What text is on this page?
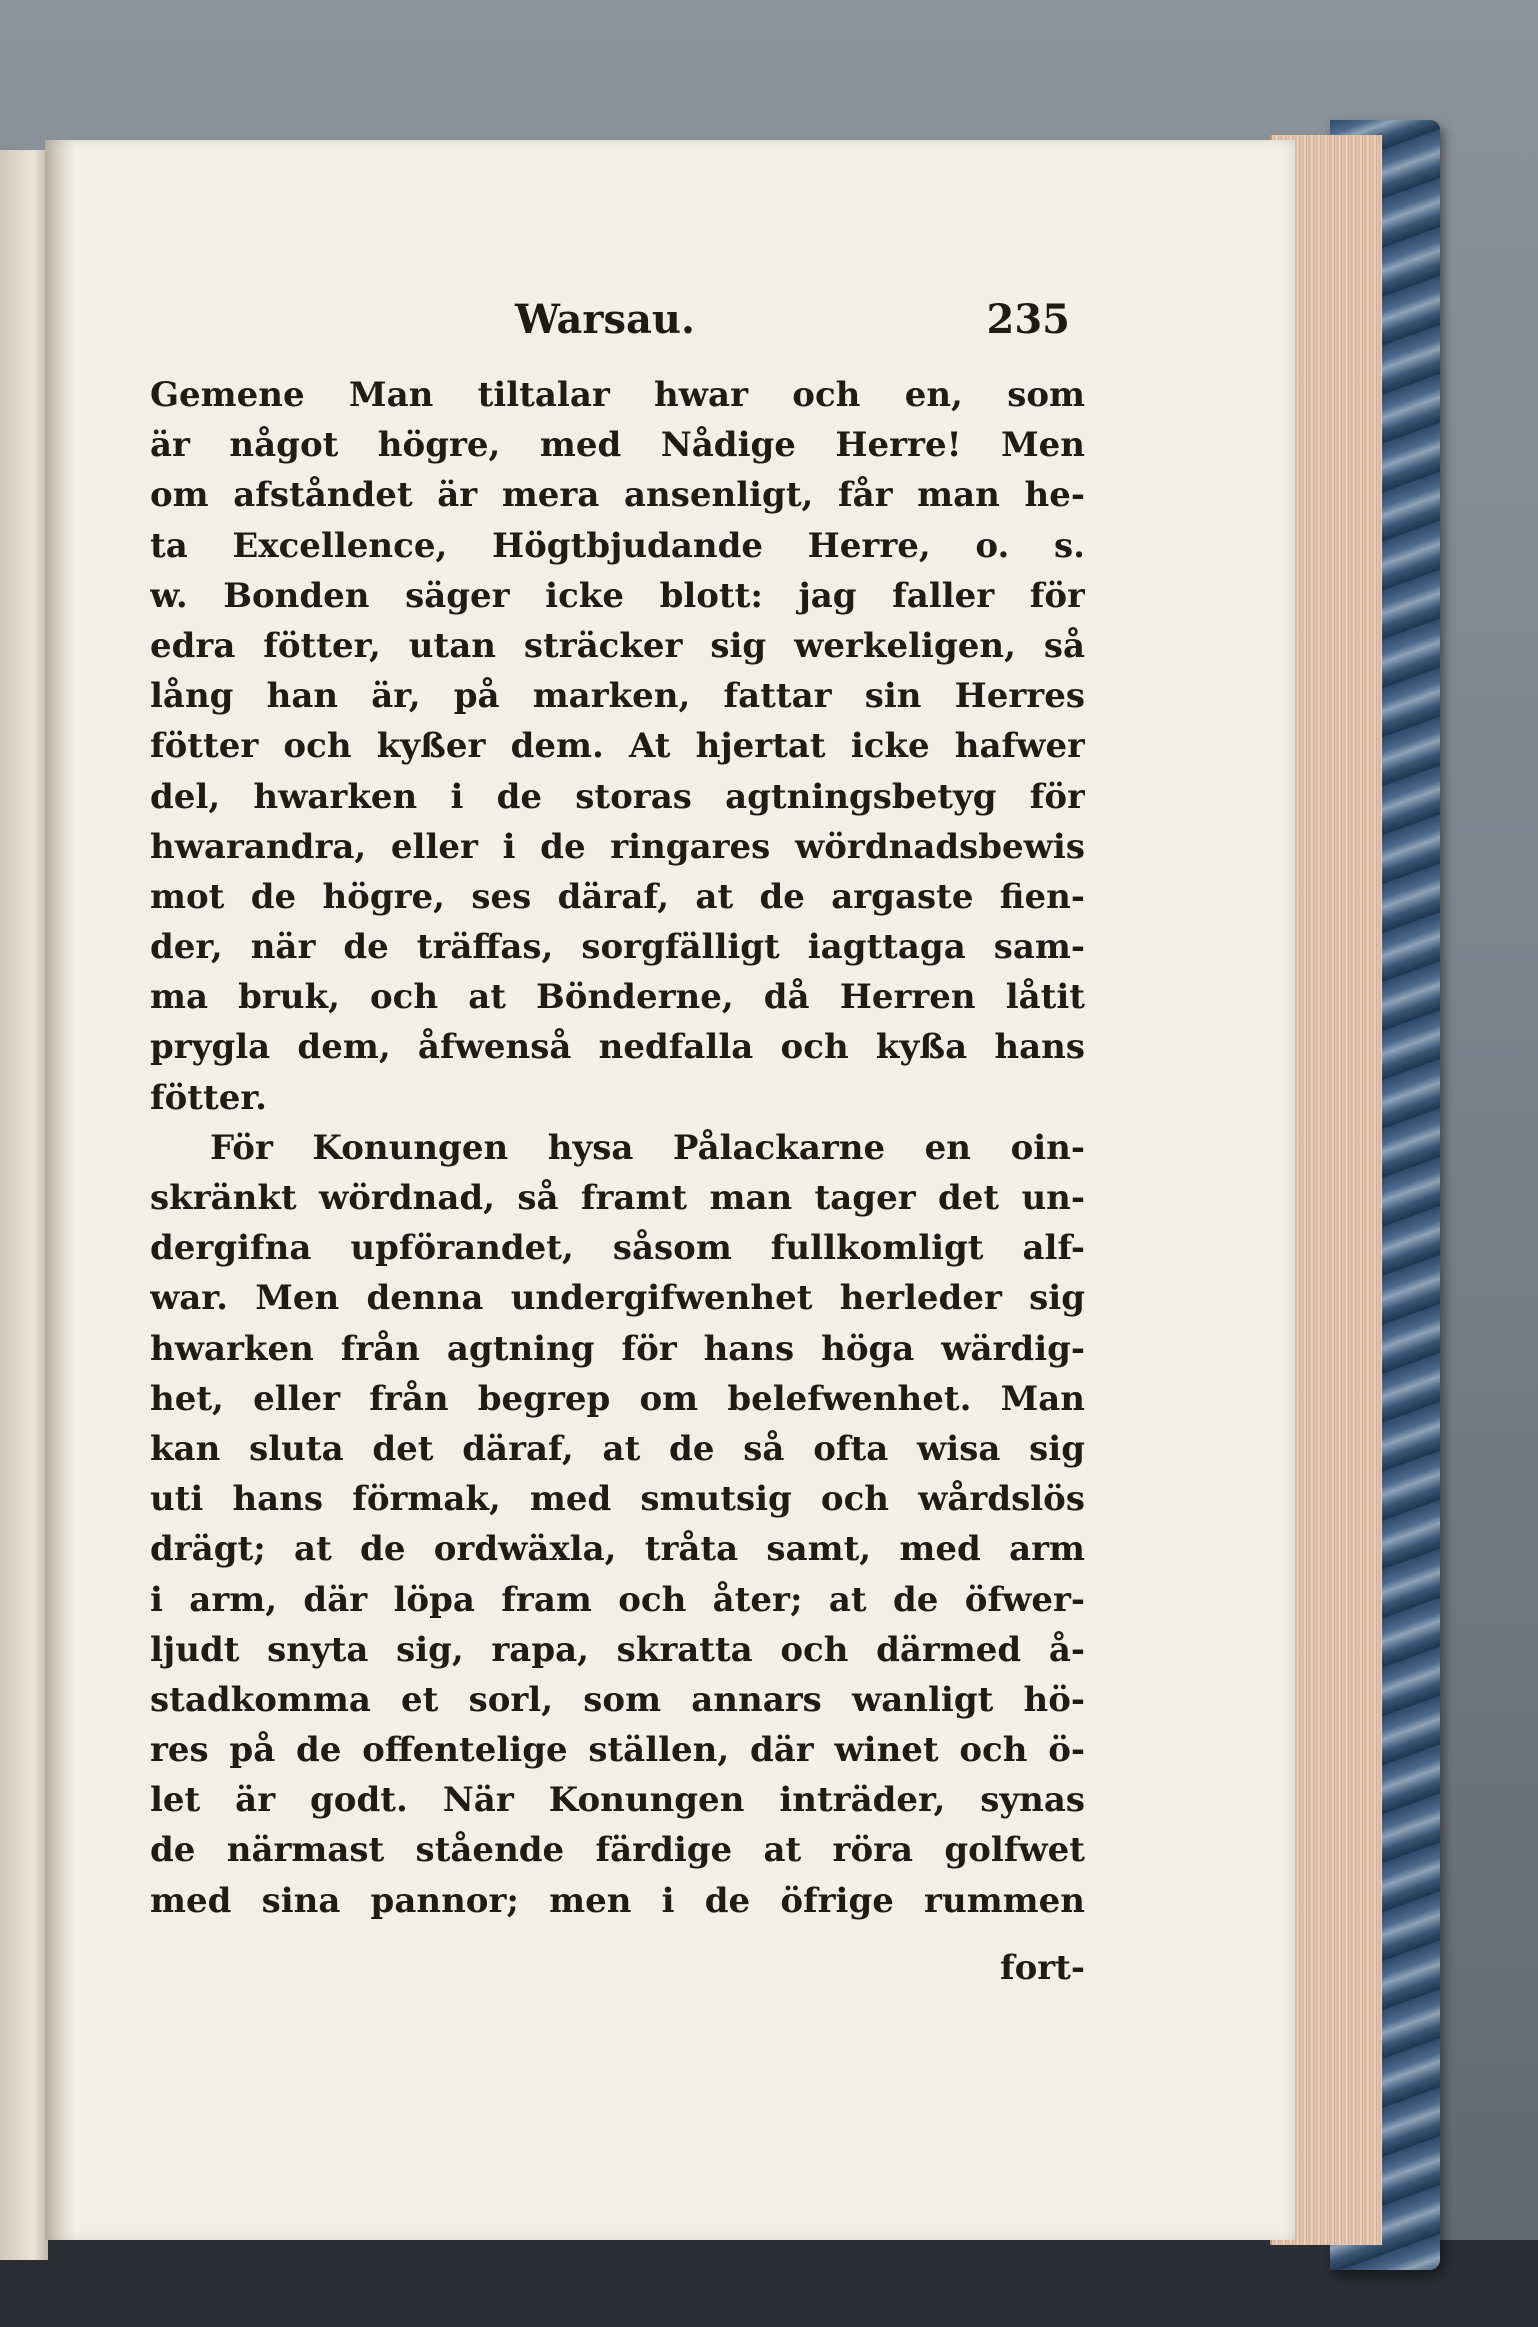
Warsau.	235
Gemene Man tiltalar hwar och en, som
är något högre, med Nådige Herre! Men
om afståndet är mera ansenligt, får man he-
ta Excellence, Högtbjudande Herre, o. s.
w. Bonden säger icke blott: jag faller för
edra fötter, utan sträcker sig werkeligen, så
lång han är, på marken, fattar sin Herres
fötter och kyßer dem. At hjertat icke hafwer
del, hwarken i de storas agtningsbetyg för
hwarandra, eller i de ringares wördnadsbewis
mot de högre, ses däraf, at de argaste fien-
der, när de träffas, sorgfälligt iagttaga sam-
ma bruk, och at Bönderne, då Herren låtit
prygla dem, åfwenså nedfalla och kyßa hans
fötter.
För Konungen hysa Pålackarne en oin-
skränkt wördnad, så framt man tager det un-
dergifna upförandet, såsom fullkomligt alf-
war. Men denna undergifwenhet herleder sig
hwarken från agtning för hans höga wärdig-
het, eller från begrep om belefwenhet. Man
kan sluta det däraf, at de så ofta wisa sig
uti hans förmak, med smutsig och wårdslös
drägt; at de ordwäxla, tråta samt, med arm
i arm, där löpa fram och åter; at de öfwer-
ljudt snyta sig, rapa, skratta och därmed å-
stadkomma et sorl, som annars wanligt hö-
res på de offentelige ställen, där winet och ö-
let är godt. När Konungen inträder, synas
de närmast stående färdige at röra golfwet
med sina pannor; men i de öfrige rummen
fort-
